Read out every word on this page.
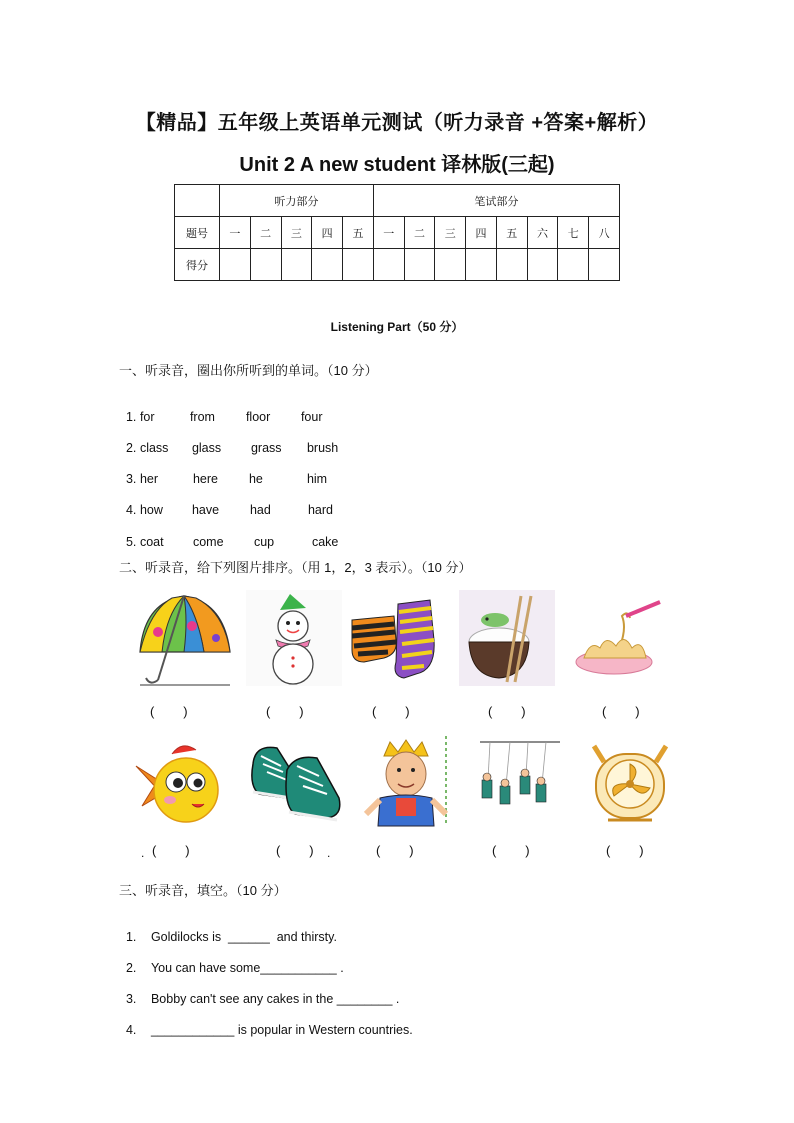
【精品】五年级上英语单元测试（听力录音 +答案+解析）
Unit 2 A new student 译林版(三起)
	听力部分					笔试部分							
题号	一	二	三	四	五	一	二	三	四	五	六	七	八
得分													
Listening Part（50 分）
一、听录音，圈出你所听到的单词。（10 分）

1. for	from floor four

2. class glass grass brush

3. her	here he	him

4. how have had	hard

5. coat come cup	cake

二、听录音，给下列图片排序。（用 1，2，3 表示）。（10 分）
(        )	(        )	(        )	(        )	(        )
. (        )	(        ) .	(        )	(        )	(        )
三、听录音，填空。（10 分）

1. Goldilocks is  ______  and thirsty.

2. You can have some___________ .

3. Bobby can't see any cakes in the ________ .

4. ____________ is popular in Western countries.
